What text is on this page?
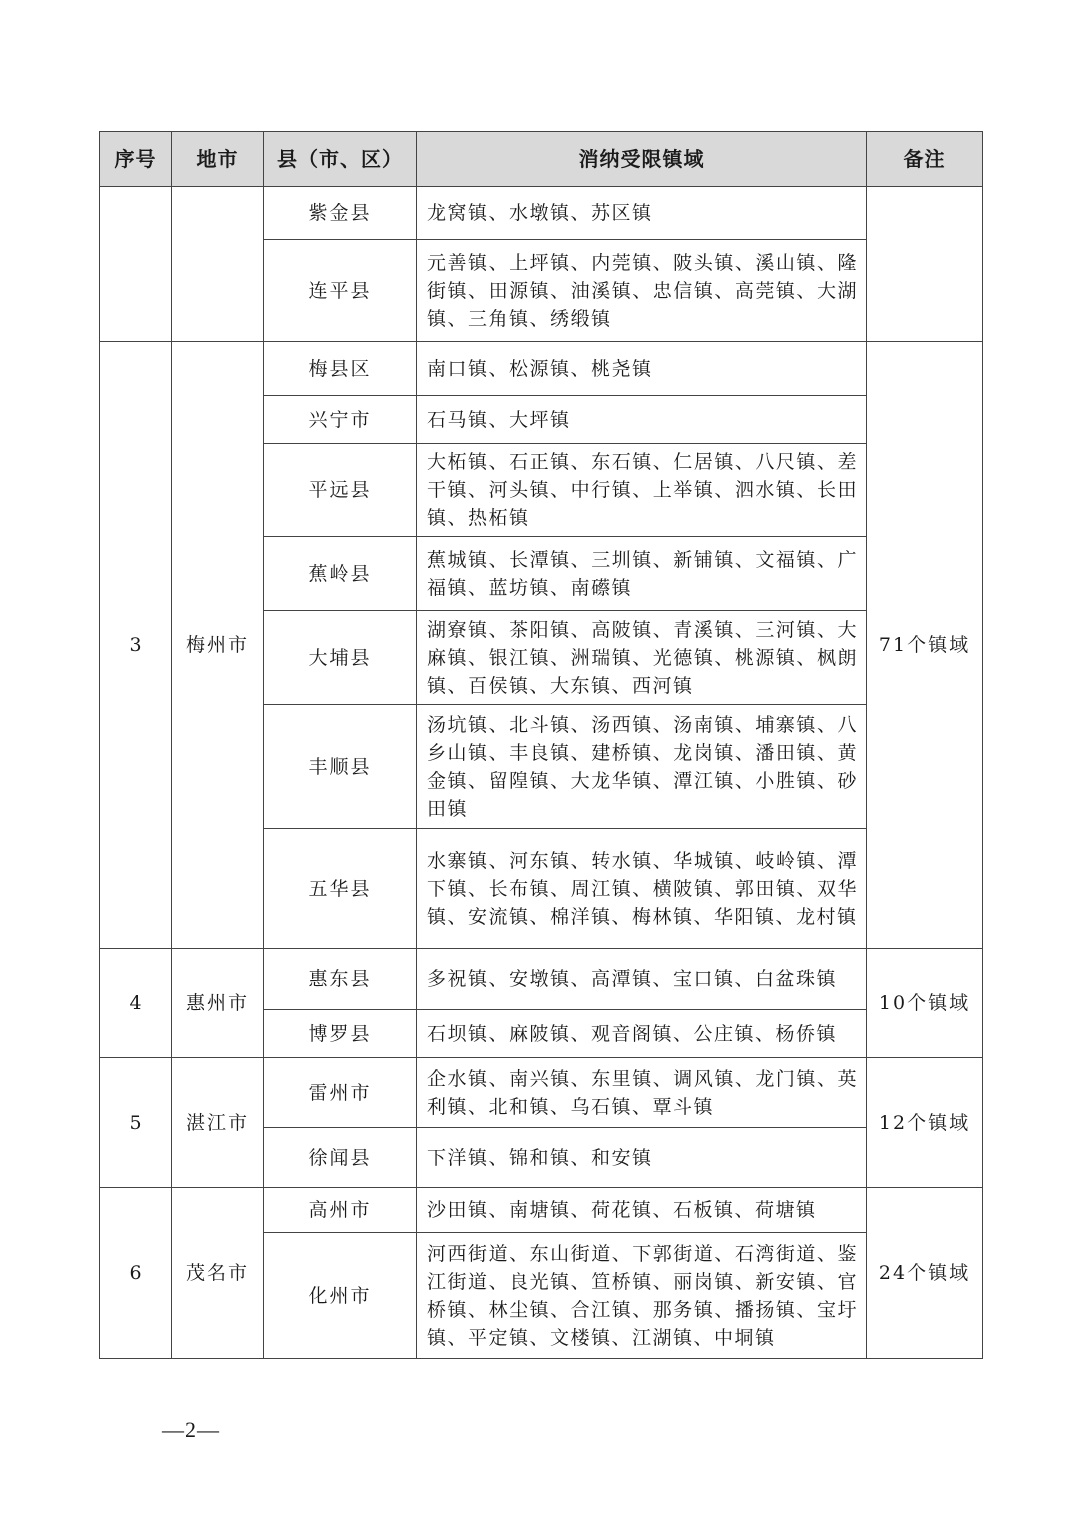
序号	地市	县（市、区）	消纳受限镇域	备注
		紫金县	龙窝镇、水墩镇、苏区镇	
		连平县	元善镇、上坪镇、内莞镇、陂头镇、溪山镇、隆街镇、田源镇、油溪镇、忠信镇、高莞镇、大湖镇、三角镇、绣缎镇	
3	梅州市	梅县区	南口镇、松源镇、桃尧镇	71个镇域
		兴宁市	石马镇、大坪镇	
		平远县	大柘镇、石正镇、东石镇、仁居镇、八尺镇、差干镇、河头镇、中行镇、上举镇、泗水镇、长田镇、热柘镇	
		蕉岭县	蕉城镇、长潭镇、三圳镇、新铺镇、文福镇、广福镇、蓝坊镇、南礤镇	
		大埔县	湖寮镇、茶阳镇、高陂镇、青溪镇、三河镇、大麻镇、银江镇、洲瑞镇、光德镇、桃源镇、枫朗镇、百侯镇、大东镇、西河镇	
		丰顺县	汤坑镇、北斗镇、汤西镇、汤南镇、埔寨镇、八乡山镇、丰良镇、建桥镇、龙岗镇、潘田镇、黄金镇、留隍镇、大龙华镇、潭江镇、小胜镇、砂田镇	
		五华县	水寨镇、河东镇、转水镇、华城镇、岐岭镇、潭下镇、长布镇、周江镇、横陂镇、郭田镇、双华镇、安流镇、棉洋镇、梅林镇、华阳镇、龙村镇	
4	惠州市	惠东县	多祝镇、安墩镇、高潭镇、宝口镇、白盆珠镇	10个镇域
		博罗县	石坝镇、麻陂镇、观音阁镇、公庄镇、杨侨镇	
5	湛江市	雷州市	企水镇、南兴镇、东里镇、调风镇、龙门镇、英利镇、北和镇、乌石镇、覃斗镇	12个镇域
		徐闻县	下洋镇、锦和镇、和安镇	
6	茂名市	高州市	沙田镇、南塘镇、荷花镇、石板镇、荷塘镇	24个镇域
		化州市	河西街道、东山街道、下郭街道、石湾街道、鉴江街道、良光镇、笪桥镇、丽岗镇、新安镇、官桥镇、林尘镇、合江镇、那务镇、播扬镇、宝圩镇、平定镇、文楼镇、江湖镇、中垌镇	
—2—
